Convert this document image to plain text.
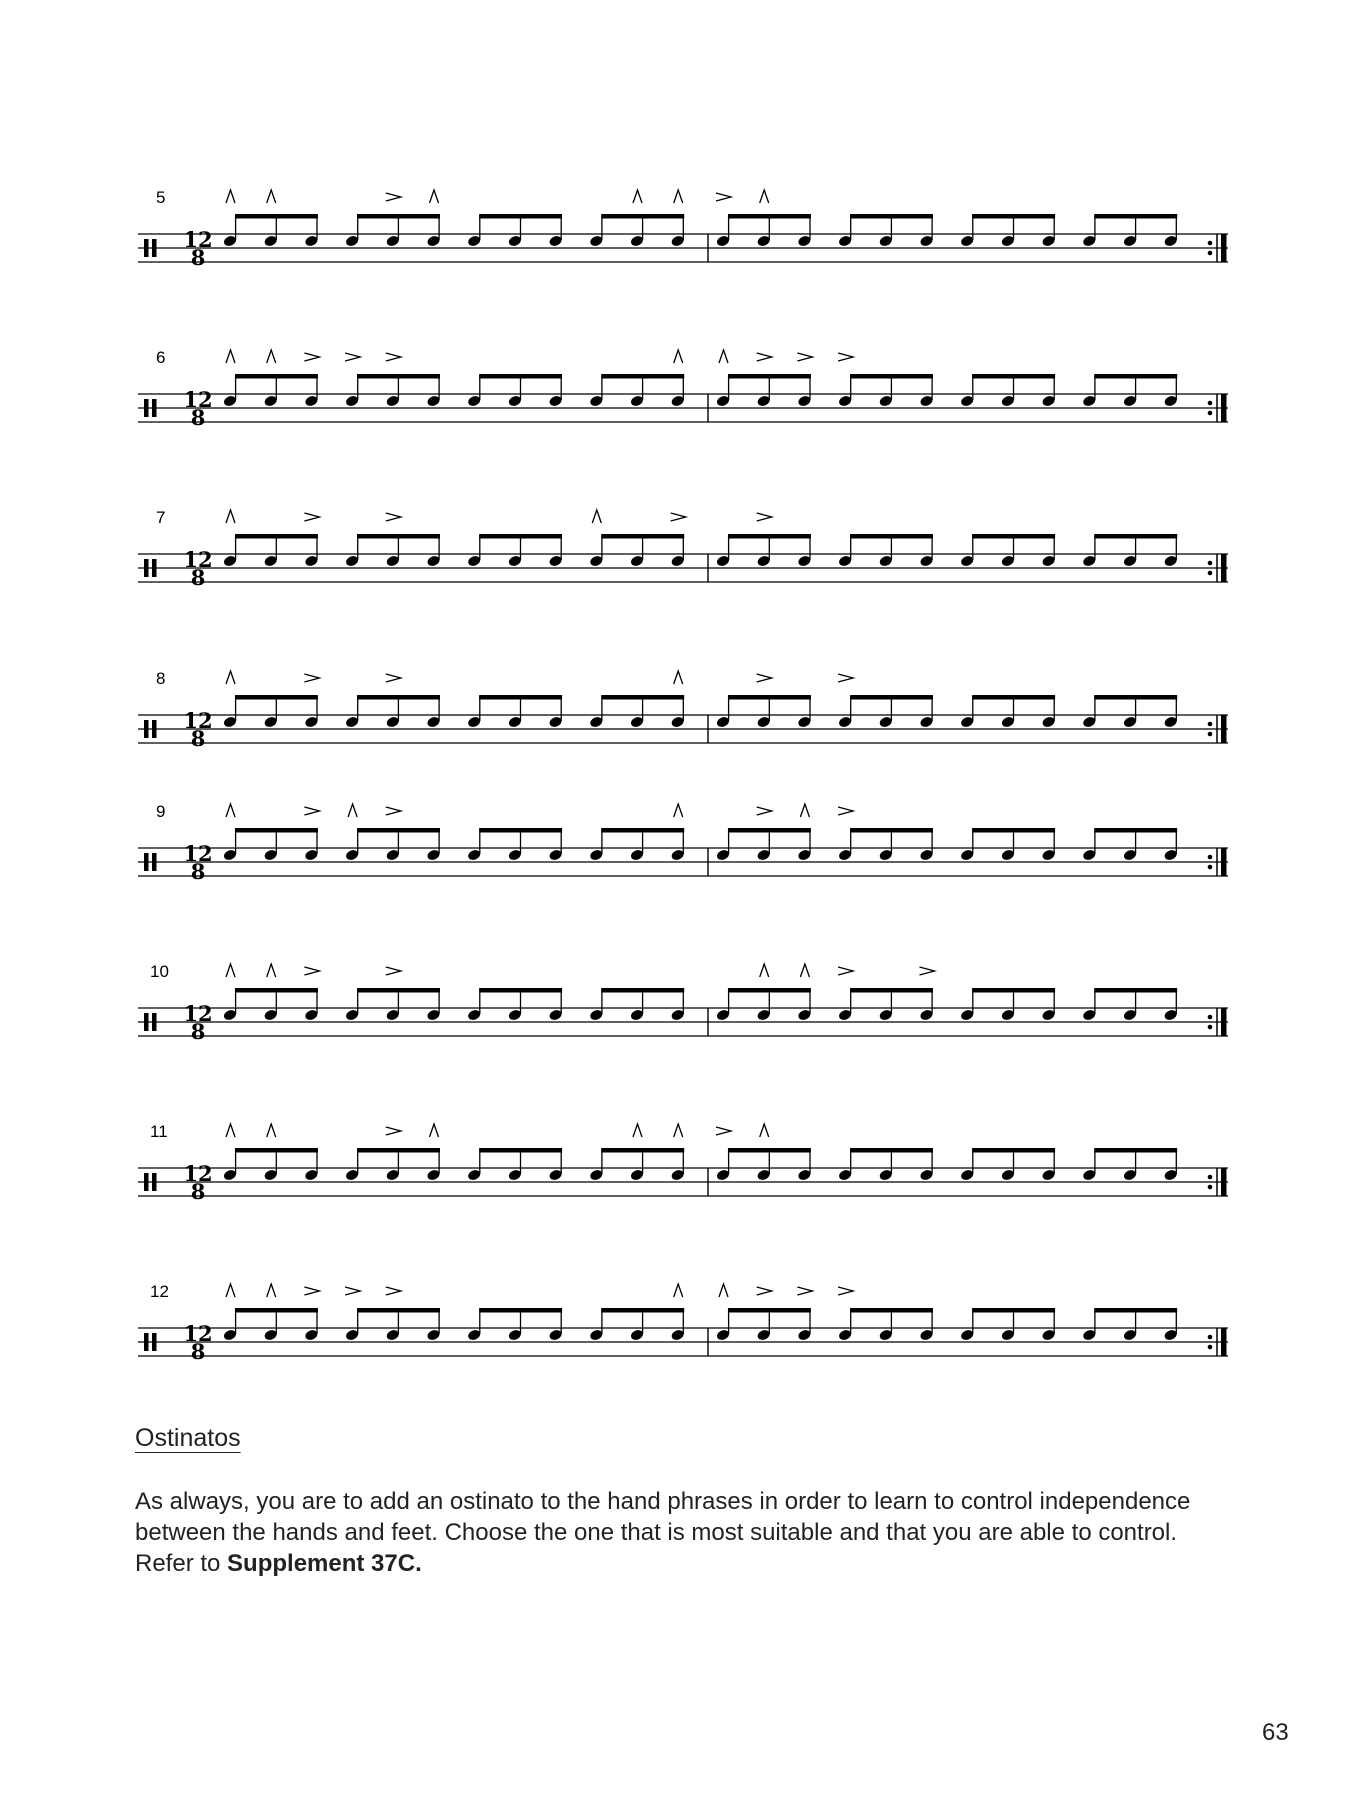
5
12
8
6
12
8
7
12
8
8
12
8
9
12
8
10
12
8
11
12
8
12
12
8
Ostinatos

As always, you are to add an ostinato to the hand phrases in order to learn to control independence between the hands and feet. Choose the one that is most suitable and that you are able to control. Refer to Supplement 37C.

63
